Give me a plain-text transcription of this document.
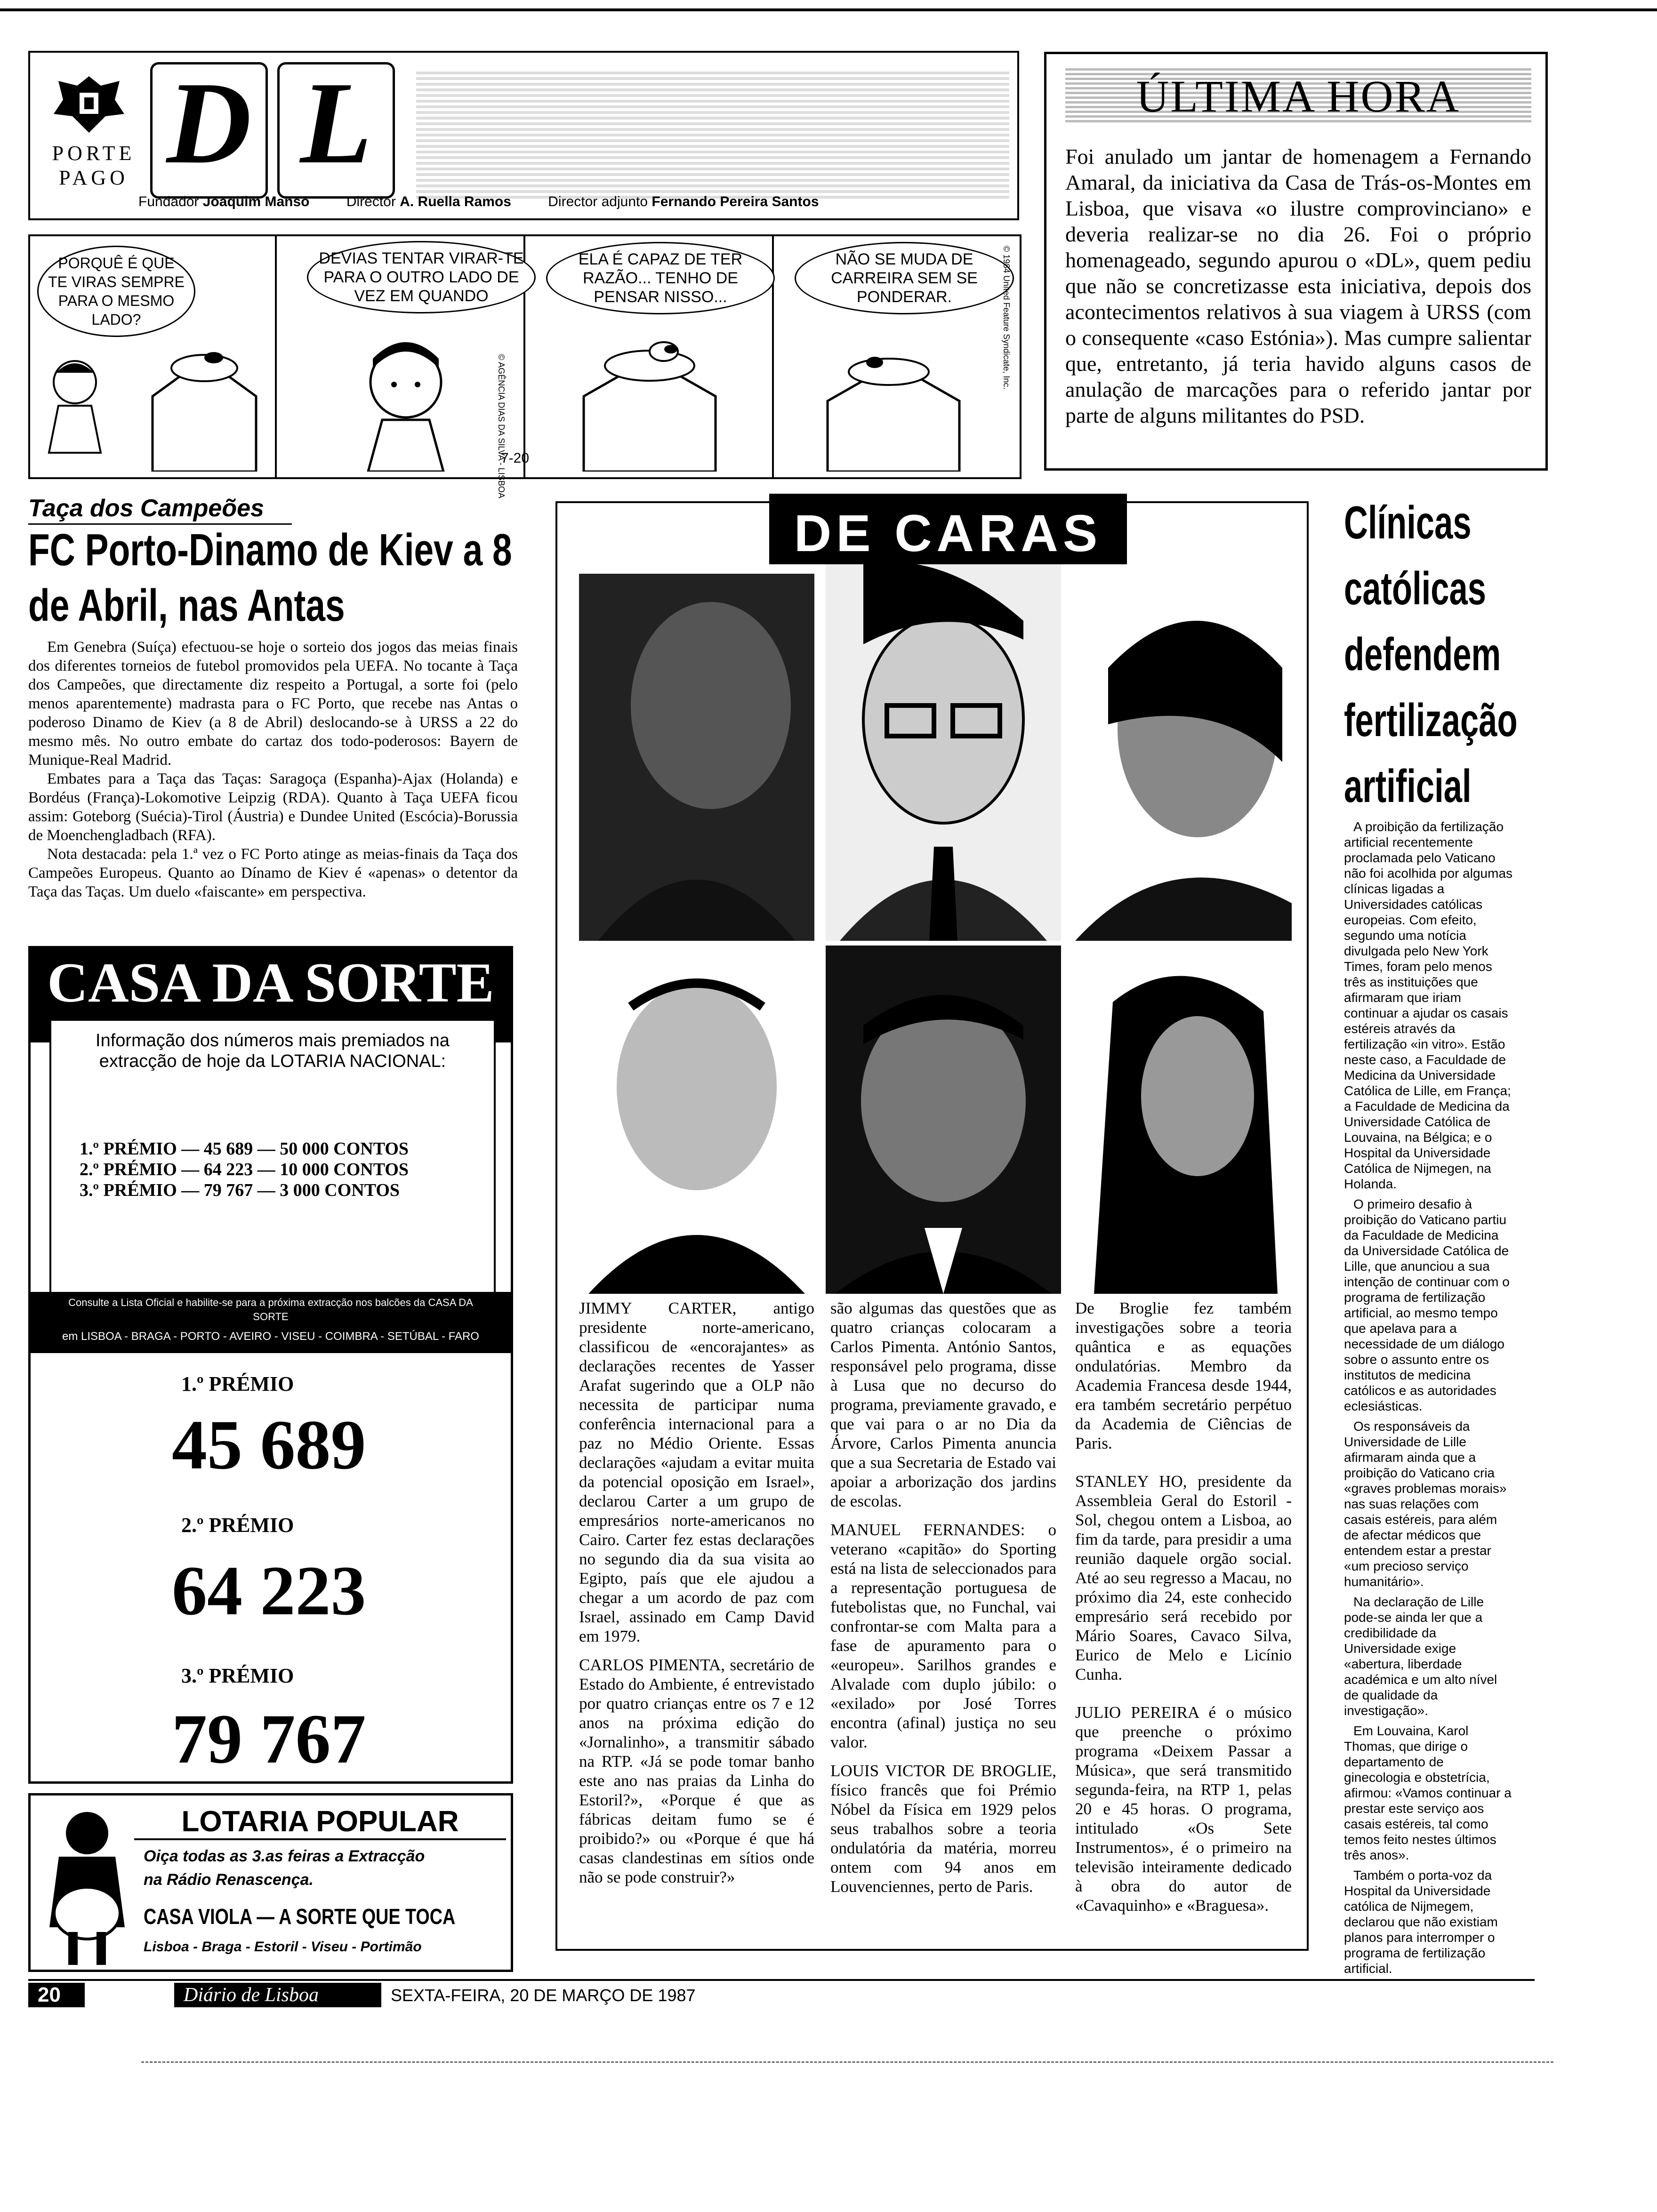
PORTE PAGO D L
Fundador Joaquim Manso	Director A. Ruella Ramos	Director adjunto Fernando Pereira Santos
ÚLTIMA HORA
Foi anulado um jantar de homenagem a Fernando Amaral, da iniciativa da Casa de Trás-os-Montes em Lisboa, que visava «o ilustre comprovinciano» e deveria realizar-se no dia 26. Foi o próprio homenageado, segundo apurou o «DL», quem pediu que não se concretizasse esta iniciativa, depois dos acontecimentos relativos à sua viagem à URSS (com o consequente «caso Estónia»). Mas cumpre salientar que, entretanto, já teria havido alguns casos de anulação de marcações para o referido jantar por parte de alguns militantes do PSD.
PORQUÊ É QUE TE VIRAS SEMPRE PARA O MESMO LADO?
DEVIAS TENTAR VIRAR-TE PARA O OUTRO LADO DE VEZ EM QUANDO
ELA É CAPAZ DE TER RAZÃO... TENHO DE PENSAR NISSO...
© AGÊNCIA DIAS DA SILVA - LISBOA
NÃO SE MUDA DE CARREIRA SEM SE PONDERAR.	© 1984 United Feature Syndicate, Inc.
7-20
Taça dos Campeões
FC Porto-Dinamo de Kiev a 8 de Abril, nas Antas

Em Genebra (Suíça) efectuou-se hoje o sorteio dos jogos das meias finais dos diferentes torneios de futebol promovidos pela UEFA. No tocante à Taça dos Campeões, que directamente diz respeito a Portugal, a sorte foi (pelo menos aparentemente) madrasta para o FC Porto, que recebe nas Antas o poderoso Dinamo de Kiev (a 8 de Abril) deslocando-se à URSS a 22 do mesmo mês. No outro embate do cartaz dos todo-poderosos: Bayern de Munique-Real Madrid.

Embates para a Taça das Taças: Saragoça (Espanha)-Ajax (Holanda) e Bordéus (França)-Lokomotive Leipzig (RDA). Quanto à Taça UEFA ficou assim: Goteborg (Suécia)-Tirol (Áustria) e Dundee United (Escócia)-Borussia de Moenchengladbach (RFA).

Nota destacada: pela 1.ª vez o FC Porto atinge as meias-finais da Taça dos Campeões Europeus. Quanto ao Dínamo de Kiev é «apenas» o detentor da Taça das Taças. Um duelo «faiscante» em perspectiva.

CASA DA SORTE
Informação dos números mais premiados na extracção de hoje da LOTARIA NACIONAL:
1.º PRÉMIO — 45 689 — 50 000 CONTOS
2.º PRÉMIO — 64 223 — 10 000 CONTOS
3.º PRÉMIO — 79 767 — 3 000 CONTOS
Consulte a Lista Oficial e habilite-se para a próxima extracção nos balcões da CASA DA SORTE
em LISBOA - BRAGA - PORTO - AVEIRO - VISEU - COIMBRA - SETÚBAL - FARO
1.º PRÉMIO
45 689
2.º PRÉMIO
64 223
3.º PRÉMIO
79 767
LOTARIA POPULAR
Oiça todas as 3.as feiras a Extracção
na Rádio Renascença.
CASA VIOLA — A SORTE QUE TOCA
Lisboa - Braga - Estoril - Viseu - Portimão
DE CARAS

JIMMY CARTER, antigo presidente norte-americano, classificou de «encorajantes» as declarações recentes de Yasser Arafat sugerindo que a OLP não necessita de participar numa conferência internacional para a paz no Médio Oriente. Essas declarações «ajudam a evitar muita da potencial oposição em Israel», declarou Carter a um grupo de empresários norte-americanos no Cairo. Carter fez estas declarações no segundo dia da sua visita ao Egipto, país que ele ajudou a chegar a um acordo de paz com Israel, assinado em Camp David em 1979.

CARLOS PIMENTA, secretário de Estado do Ambiente, é entrevistado por quatro crianças entre os 7 e 12 anos na próxima edição do «Jornalinho», a transmitir sábado na RTP. «Já se pode tomar banho este ano nas praias da Linha do Estoril?», «Porque é que as fábricas deitam fumo se é proibido?» ou «Porque é que há casas clandestinas em sítios onde não se pode construir?»

são algumas das questões que as quatro crianças colocaram a Carlos Pimenta. António Santos, responsável pelo programa, disse à Lusa que no decurso do programa, previamente gravado, e que vai para o ar no Dia da Árvore, Carlos Pimenta anuncia que a sua Secretaria de Estado vai apoiar a arborização dos jardins de escolas.

MANUEL FERNANDES: o veterano «capitão» do Sporting está na lista de seleccionados para a representação portuguesa de futebolistas que, no Funchal, vai confrontar-se com Malta para a fase de apuramento para o «europeu». Sarilhos grandes e Alvalade com duplo júbilo: o «exilado» por José Torres encontra (afinal) justiça no seu valor.

LOUIS VICTOR DE BROGLIE, físico francês que foi Prémio Nóbel da Física em 1929 pelos seus trabalhos sobre a teoria ondulatória da matéria, morreu ontem com 94 anos em Louvenciennes, perto de Paris.

De Broglie fez também investigações sobre a teoria quântica e as equações ondulatórias. Membro da Academia Francesa desde 1944, era também secretário perpétuo da Academia de Ciências de Paris.

STANLEY HO, presidente da Assembleia Geral do Estoril - Sol, chegou ontem a Lisboa, ao fim da tarde, para presidir a uma reunião daquele orgão social. Até ao seu regresso a Macau, no próximo dia 24, este conhecido empresário será recebido por Mário Soares, Cavaco Silva, Eurico de Melo e Licínio Cunha.

JULIO PEREIRA é o músico que preenche o próximo programa «Deixem Passar a Música», que será transmitido segunda-feira, na RTP 1, pelas 20 e 45 horas. O programa, intitulado «Os Sete Instrumentos», é o primeiro na televisão inteiramente dedicado à obra do autor de «Cavaquinho» e «Braguesa».

Clínicas católicas defendem fertilização artificial

A proibição da fertilização artificial recentemente proclamada pelo Vaticano não foi acolhida por algumas clínicas ligadas a Universidades católicas europeias. Com efeito, segundo uma notícia divulgada pelo New York Times, foram pelo menos três as instituições que afirmaram que iriam continuar a ajudar os casais estéreis através da fertilização «in vitro». Estão neste caso, a Faculdade de Medicina da Universidade Católica de Lille, em França; a Faculdade de Medicina da Universidade Católica de Louvaina, na Bélgica; e o Hospital da Universidade Católica de Nijmegen, na Holanda.

O primeiro desafio à proibição do Vaticano partiu da Faculdade de Medicina da Universidade Católica de Lille, que anunciou a sua intenção de continuar com o programa de fertilização artificial, ao mesmo tempo que apelava para a necessidade de um diálogo sobre o assunto entre os institutos de medicina católicos e as autoridades eclesiásticas.

Os responsáveis da Universidade de Lille afirmaram ainda que a proibição do Vaticano cria «graves problemas morais» nas suas relações com casais estéreis, para além de afectar médicos que entendem estar a prestar «um precioso serviço humanitário».

Na declaração de Lille pode-se ainda ler que a credibilidade da Universidade exige «abertura, liberdade académica e um alto nível de qualidade da investigação».

Em Louvaina, Karol Thomas, que dirige o departamento de ginecologia e obstetrícia, afirmou: «Vamos continuar a prestar este serviço aos casais estéreis, tal como temos feito nestes últimos três anos».

Também o porta-voz da Hospital da Universidade católica de Nijmegem, declarou que não existiam planos para interromper o programa de fertilização artificial.

20	Diário de Lisboa	SEXTA-FEIRA, 20 DE MARÇO DE 1987
